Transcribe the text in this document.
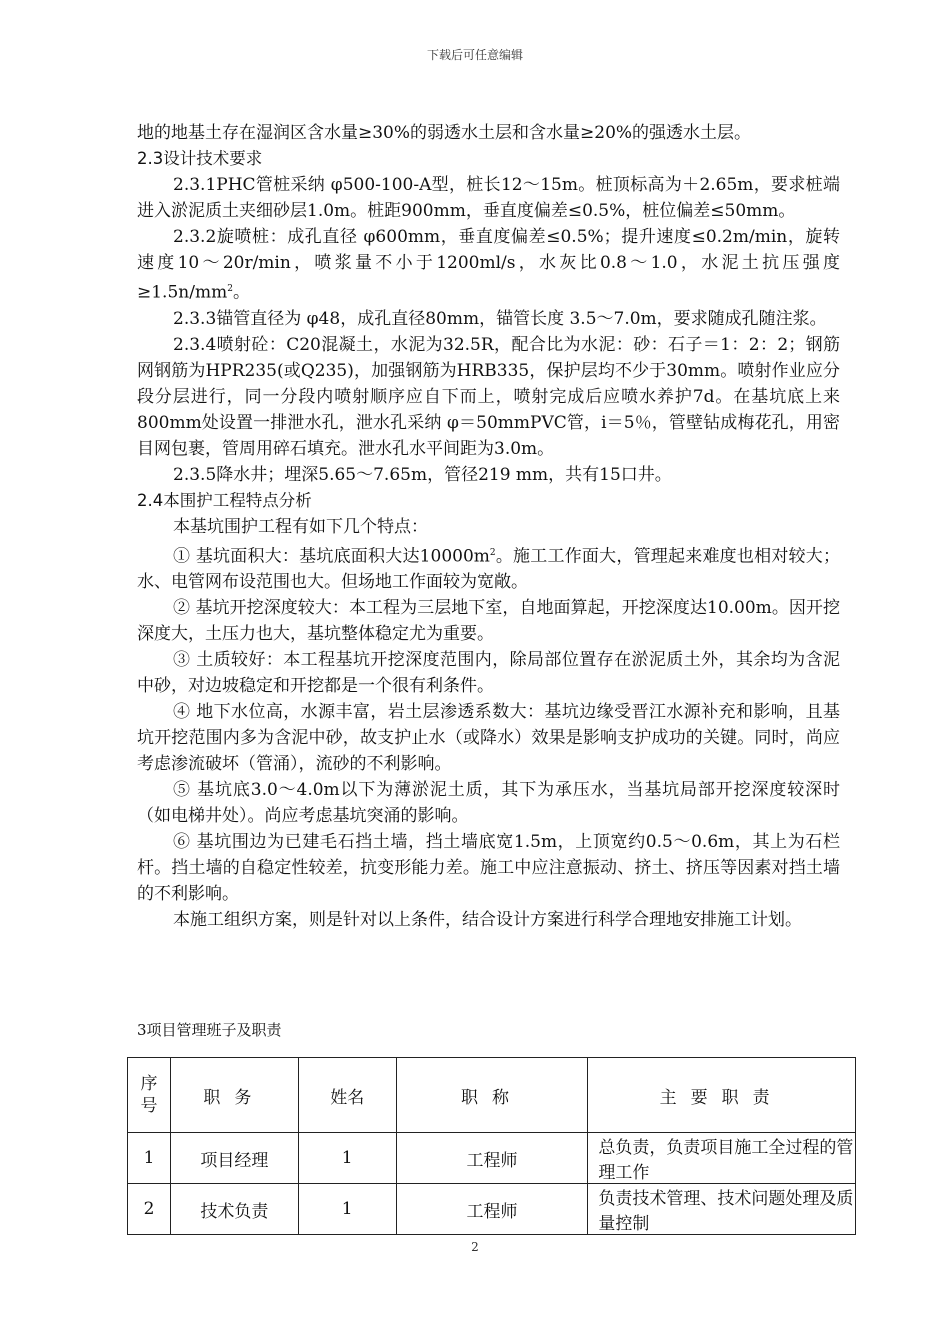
下载后可任意编辑

地的地基土存在湿润区含水量≥30%的弱透水土层和含水量≥20%的强透水土层。

2.3设计技术要求

2.3.1PHC管桩采纳 φ500-100-A型，桩长12～15m。桩顶标高为＋2.65m，要求桩端进入淤泥质土夹细砂层1.0m。桩距900mm，垂直度偏差≤0.5%，桩位偏差≤50mm。

2.3.2旋喷桩：成孔直径 φ600mm，垂直度偏差≤0.5%；提升速度≤0.2m/min，旋转速度10～20r/min，喷浆量不小于1200ml/s，水灰比0.8～1.0，水泥土抗压强度$\ge 1.5n/mm^2$。

2.3.3锚管直径为 φ48，成孔直径80mm，锚管长度 3.5～7.0m，要求随成孔随注浆。

2.3.4喷射砼：C20混凝土，水泥为32.5R，配合比为水泥：砂：石子＝1：2：2；钢筋网钢筋为HPR235(或Q235)，加强钢筋为HRB335，保护层均不少于30mm。喷射作业应分段分层进行，同一分段内喷射顺序应自下而上，喷射完成后应喷水养护7d。在基坑底上来800mm处设置一排泄水孔，泄水孔采纳 φ＝50mmPVC管，i＝5％，管壁钻成梅花孔，用密目网包裹，管周用碎石填充。泄水孔水平间距为3.0m。

2.3.5降水井；埋深5.65～7.65m，管径219 mm，共有15口井。

2.4本围护工程特点分析

本基坑围护工程有如下几个特点：

① 基坑面积大：基坑底面积大达$10000m^2$。施工工作面大，管理起来难度也相对较大；水、电管网布设范围也大。但场地工作面较为宽敞。

② 基坑开挖深度较大：本工程为三层地下室，自地面算起，开挖深度达10.00m。因开挖深度大，土压力也大，基坑整体稳定尤为重要。

③ 土质较好：本工程基坑开挖深度范围内，除局部位置存在淤泥质土外，其余均为含泥中砂，对边坡稳定和开挖都是一个很有利条件。

④ 地下水位高，水源丰富，岩土层渗透系数大：基坑边缘受晋江水源补充和影响，且基坑开挖范围内多为含泥中砂，故支护止水（或降水）效果是影响支护成功的关键。同时，尚应考虑渗流破坏（管涌），流砂的不利影响。

⑤ 基坑底3.0～4.0m以下为薄淤泥土质，其下为承压水，当基坑局部开挖深度较深时（如电梯井处）。尚应考虑基坑突涌的影响。

⑥ 基坑围边为已建毛石挡土墙，挡土墙底宽1.5m，上顶宽约0.5～0.6m，其上为石栏杆。挡土墙的自稳定性较差，抗变形能力差。施工中应注意振动、挤土、挤压等因素对挡土墙的不利影响。

本施工组织方案，则是针对以上条件，结合设计方案进行科学合理地安排施工计划。

3项目管理班子及职责
序号	职务	姓名	职称	主要职责
1	项目经理	1	工程师	总负责，负责项目施工全过程的管理工作
2	技术负责	1	工程师	负责技术管理、技术问题处理及质量控制
2
